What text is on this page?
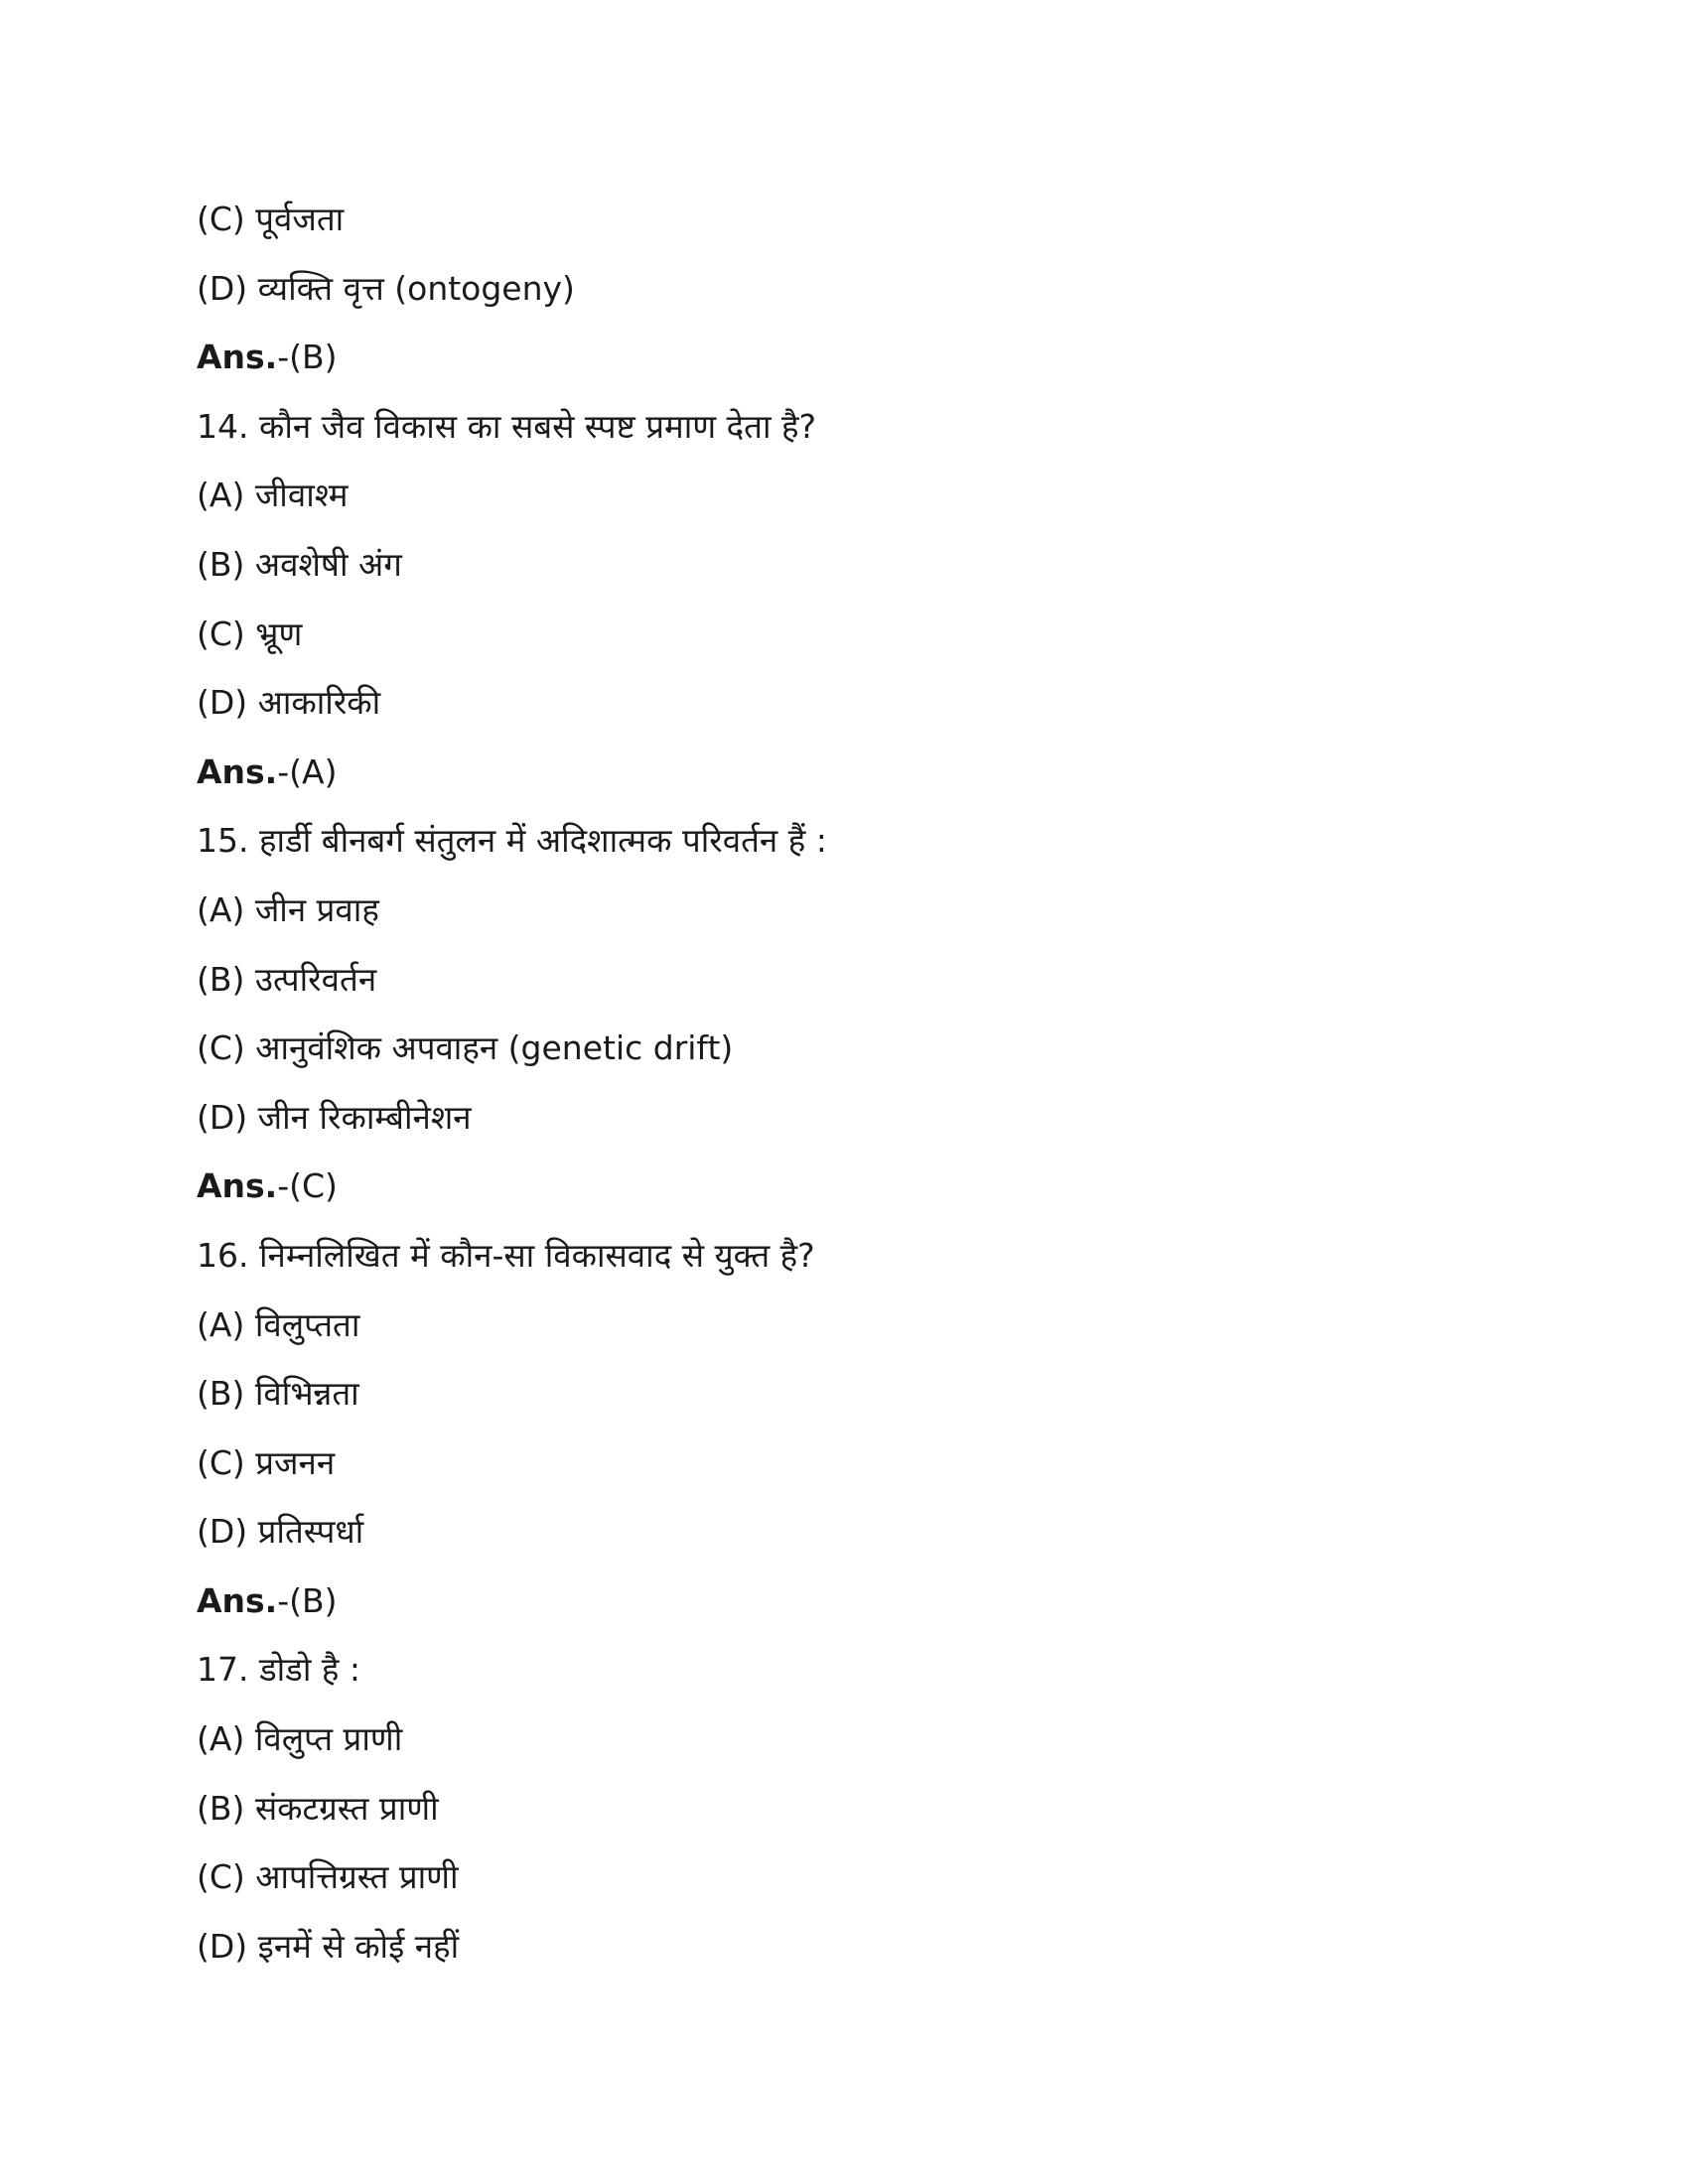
(C) पूर्वजता
(D) व्यक्ति वृत्त (ontogeny)
Ans.-(B)
14. कौन जैव विकास का सबसे स्पष्ट प्रमाण देता है?
(A) जीवाश्म
(B) अवशेषी अंग
(C) भ्रूण
(D) आकारिकी
Ans.-(A)
15. हार्डी बीनबर्ग संतुलन में अदिशात्मक परिवर्तन हैं :
(A) जीन प्रवाह
(B) उत्परिवर्तन
(C) आनुवंशिक अपवाहन (genetic drift)
(D) जीन रिकाम्बीनेशन
Ans.-(C)
16. निम्नलिखित में कौन-सा विकासवाद से युक्त है?
(A) विलुप्तता
(B) विभिन्नता
(C) प्रजनन
(D) प्रतिस्पर्धा
Ans.-(B)
17. डोडो है :
(A) विलुप्त प्राणी
(B) संकटग्रस्त प्राणी
(C) आपत्तिग्रस्त प्राणी
(D) इनमें से कोई नहीं
